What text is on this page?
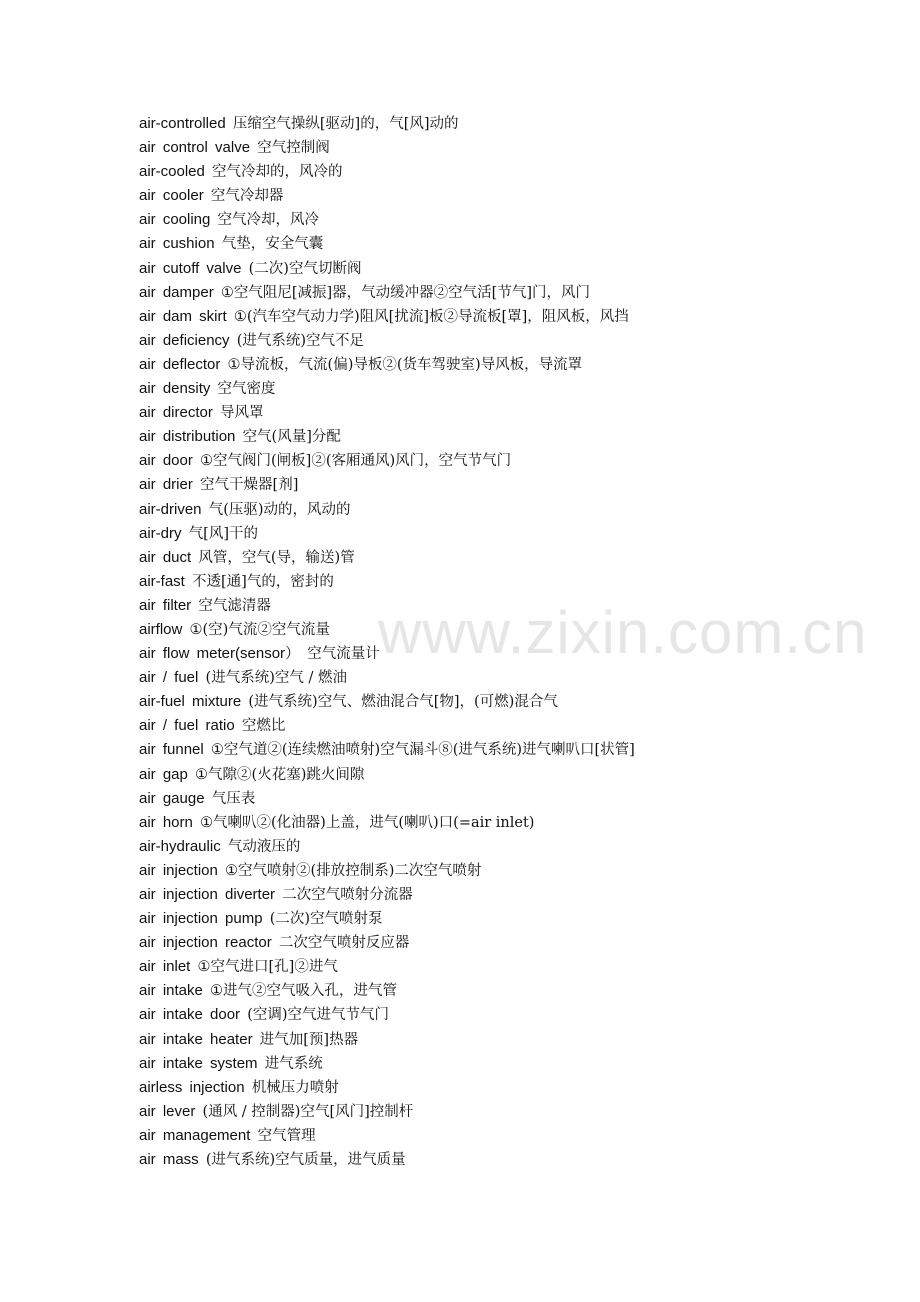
www.zixin.com.cn
air-controlled 压缩空气操纵[驱动]的，气[风]动的
air control valve 空气控制阀
air-cooled 空气冷却的，风冷的
air cooler 空气冷却器
air cooling 空气冷却，风冷
air cushion 气垫，安全气囊
air cutoff valve (二次)空气切断阀
air damper ①空气阻尼[减振]器，气动缓冲器②空气活[节气]门，风门
air dam skirt ①(汽车空气动力学)阻风[扰流]板②导流板[罩]，阻风板，风挡
air deficiency (进气系统)空气不足
air deflector ①导流板，气流(偏)导板②(货车驾驶室)导风板，导流罩
air density 空气密度
air director 导风罩
air distribution 空气(风量]分配
air door ①空气阀门(闸板]②(客厢通风)风门，空气节气门
air drier 空气干燥器[剂]
air-driven 气(压驱)动的，风动的
air-dry 气[风]干的
air duct 风管，空气(导，输送)管
air-fast 不透[通]气的，密封的
air filter 空气滤清器
airflow ①(空)气流②空气流量
air flow meter(sensor） 空气流量计
air / fuel (进气系统)空气 / 燃油
air-fuel mixture (进气系统)空气、燃油混合气[物]，(可燃)混合气
air / fuel ratio 空燃比
air funnel ①空气道②(连续燃油喷射)空气漏斗⑧(进气系统)进气喇叭口[状管]
air gap ①气隙②(火花塞)跳火间隙
air gauge 气压表
air horn ①气喇叭②(化油器)上盖，进气(喇叭)口(=air inlet)
air-hydraulic 气动液压的
air injection ①空气喷射②(排放控制系)二次空气喷射
air injection diverter 二次空气喷射分流器
air injection pump (二次)空气喷射泵
air injection reactor 二次空气喷射反应器
air inlet ①空气进口[孔]②进气
air intake ①进气②空气吸入孔，进气管
air intake door (空调)空气进气节气门
air intake heater 进气加[预]热器
air intake system 进气系统
airless injection 机械压力喷射
air lever (通风 / 控制器)空气[风门]控制杆
air management 空气管理
air mass (进气系统)空气质量，进气质量
